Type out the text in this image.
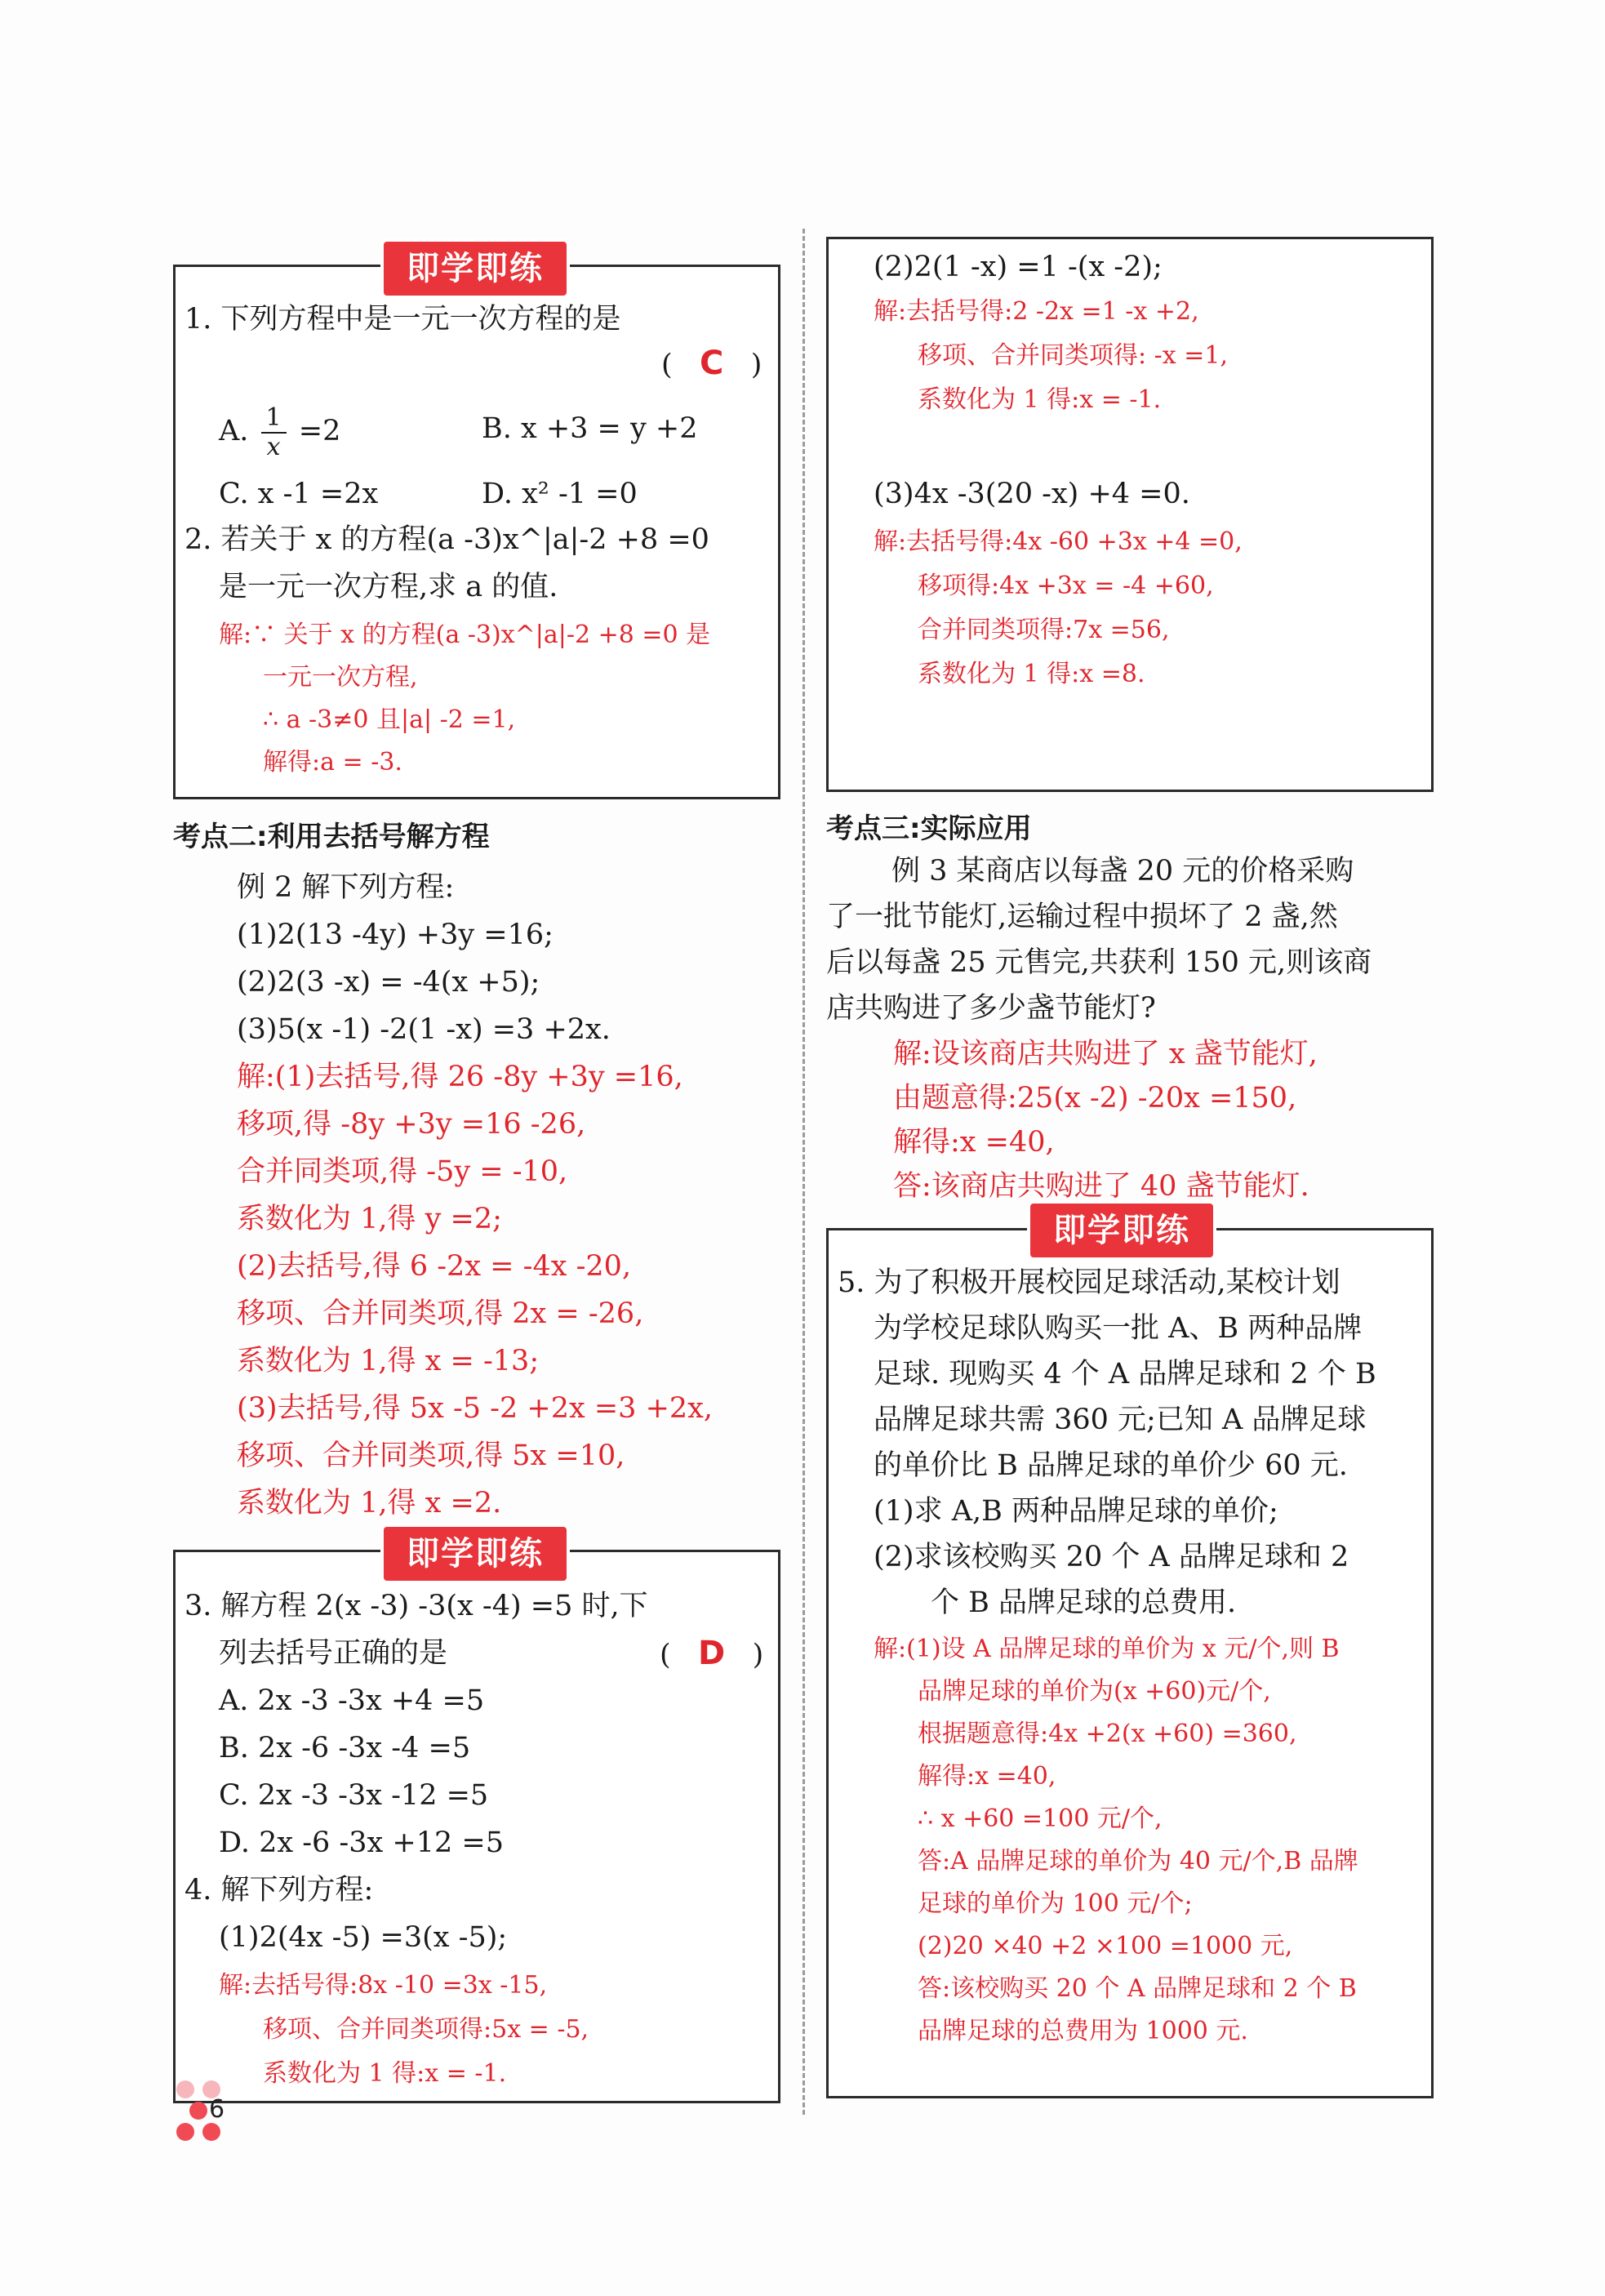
即学即练
1. 下列方程中是一元一次方程的是
( C )
A. $\frac{1}{x} =2$	B. x +3 = y +2
C. x -1 =2x	D. x² -1 =0
2. 若关于 x 的方程(a -3)x^|a|-2 +8 =0
是一元一次方程,求 a 的值.
解:∵ 关于 x 的方程(a -3)x^|a|-2 +8 =0 是
一元一次方程,
∴ a -3≠0 且|a| -2 =1,
解得:a = -3.
考点二:利用去括号解方程
例 2 解下列方程:
(1)2(13 -4y) +3y =16;
(2)2(3 -x) = -4(x +5);
(3)5(x -1) -2(1 -x) =3 +2x.
解:(1)去括号,得 26 -8y +3y =16,
移项,得 -8y +3y =16 -26,
合并同类项,得 -5y = -10,
系数化为 1,得 y =2;
(2)去括号,得 6 -2x = -4x -20,
移项、合并同类项,得 2x = -26,
系数化为 1,得 x = -13;
(3)去括号,得 5x -5 -2 +2x =3 +2x,
移项、合并同类项,得 5x =10,
系数化为 1,得 x =2.
即学即练
3. 解方程 2(x -3) -3(x -4) =5 时,下
列去括号正确的是	( D )
A. 2x -3 -3x +4 =5
B. 2x -6 -3x -4 =5
C. 2x -3 -3x -12 =5
D. 2x -6 -3x +12 =5
4. 解下列方程:
(1)2(4x -5) =3(x -5);
解:去括号得:8x -10 =3x -15,
移项、合并同类项得:5x = -5,
系数化为 1 得:x = -1.
(2)2(1 -x) =1 -(x -2);
解:去括号得:2 -2x =1 -x +2,
移项、合并同类项得: -x =1,
系数化为 1 得:x = -1.
(3)4x -3(20 -x) +4 =0.
解:去括号得:4x -60 +3x +4 =0,
移项得:4x +3x = -4 +60,
合并同类项得:7x =56,
系数化为 1 得:x =8.
考点三:实际应用
例 3 某商店以每盏 20 元的价格采购
了一批节能灯,运输过程中损坏了 2 盏,然
后以每盏 25 元售完,共获利 150 元,则该商
店共购进了多少盏节能灯?
解:设该商店共购进了 x 盏节能灯,
由题意得:25(x -2) -20x =150,
解得:x =40,
答:该商店共购进了 40 盏节能灯.
即学即练
5. 为了积极开展校园足球活动,某校计划
为学校足球队购买一批 A、B 两种品牌
足球. 现购买 4 个 A 品牌足球和 2 个 B
品牌足球共需 360 元;已知 A 品牌足球
的单价比 B 品牌足球的单价少 60 元.
(1)求 A,B 两种品牌足球的单价;
(2)求该校购买 20 个 A 品牌足球和 2
个 B 品牌足球的总费用.
解:(1)设 A 品牌足球的单价为 x 元/个,则 B
品牌足球的单价为(x +60)元/个,
根据题意得:4x +2(x +60) =360,
解得:x =40,
∴ x +60 =100 元/个,
答:A 品牌足球的单价为 40 元/个,B 品牌
足球的单价为 100 元/个;
(2)20 ×40 +2 ×100 =1000 元,
答:该校购买 20 个 A 品牌足球和 2 个 B
品牌足球的总费用为 1000 元.
6
